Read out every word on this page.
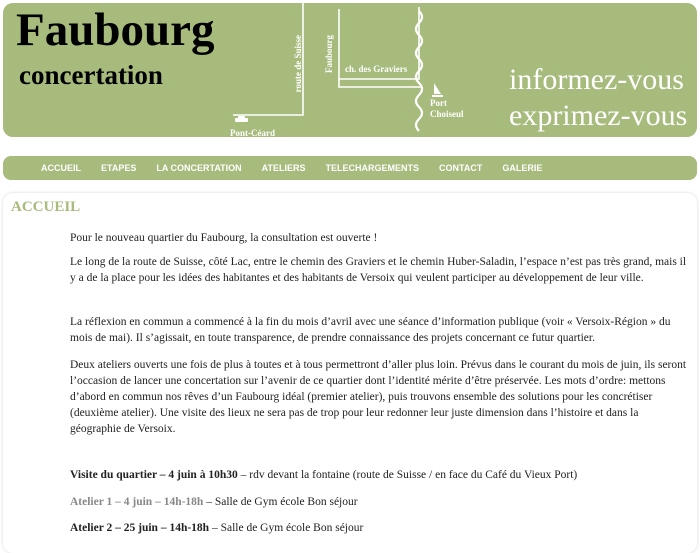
Faubourg
concertation	route de Suisse Faubourg ch. des Graviers
Port
Choiseul
Pont-Céard
informez-vous
exprimez-vous
ACCUEIL ETAPES LA CONCERTATION ATELIERS TELECHARGEMENTS CONTACT GALERIE
ACCUEIL

Pour le nouveau quartier du Faubourg, la consultation est ouverte !

Le long de la route de Suisse, côté Lac, entre le chemin des Graviers et le chemin Huber-Saladin, l’espace n’est pas très grand, mais il y a de la place pour les idées des habitantes et des habitants de Versoix qui veulent participer au développement de leur ville.

La réflexion en commun a commencé à la fin du mois d’avril avec une séance d’information publique (voir « Versoix-Région » du mois de mai). Il s’agissait, en toute transparence, de prendre connaissance des projets concernant ce futur quartier.

Deux ateliers ouverts une fois de plus à toutes et à tous permettront d’aller plus loin. Prévus dans le courant du mois de juin, ils seront l’occasion de lancer une concertation sur l’avenir de ce quartier dont l’identité mérite d’être préservée. Les mots d’ordre: mettons d’abord en commun nos rêves d’un Faubourg idéal (premier atelier), puis trouvons ensemble des solutions pour les concrétiser (deuxième atelier). Une visite des lieux ne sera pas de trop pour leur redonner leur juste dimension dans l’histoire et dans la géographie de Versoix.

Visite du quartier – 4 juin à 10h30 – rdv devant la fontaine (route de Suisse / en face du Café du Vieux Port)

Atelier 1 – 4 juin – 14h-18h – Salle de Gym école Bon séjour

Atelier 2 – 25 juin – 14h-18h – Salle de Gym école Bon séjour
